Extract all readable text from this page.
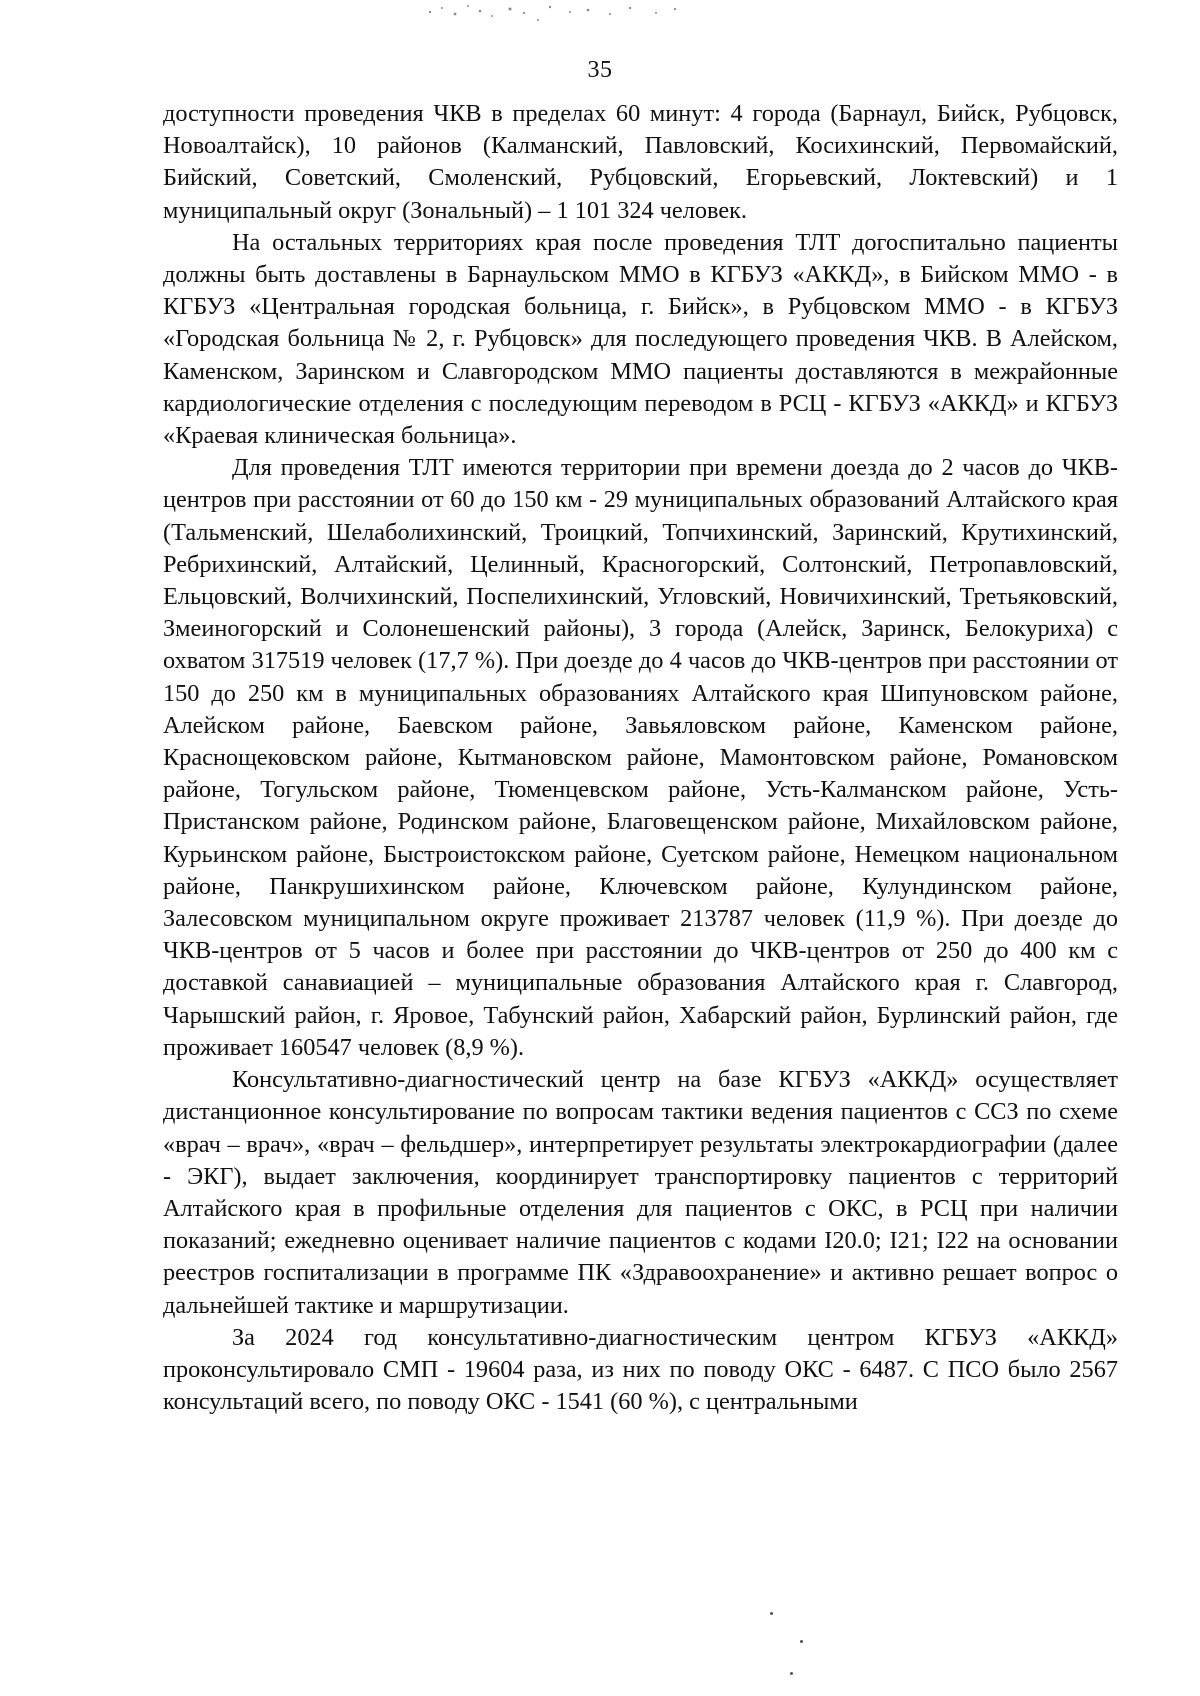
35

доступности проведения ЧКВ в пределах 60 минут: 4 города (Барнаул, Бийск, Рубцовск, Новоалтайск), 10 районов (Калманский, Павловский, Косихинский, Первомайский, Бийский, Советский, Смоленский, Рубцовский, Егорьевский, Локтевский) и 1 муниципальный округ (Зональный) – 1 101 324 человек.

На остальных территориях края после проведения ТЛТ догоспитально пациенты должны быть доставлены в Барнаульском ММО в КГБУЗ «АККД», в Бийском ММО - в КГБУЗ «Центральная городская больница, г. Бийск», в Рубцовском ММО - в КГБУЗ «Городская больница № 2, г. Рубцовск» для последующего проведения ЧКВ. В Алейском, Каменском, Заринском и Славгородском ММО пациенты доставляются в межрайонные кардиологические отделения с последующим переводом в РСЦ - КГБУЗ «АККД» и КГБУЗ «Краевая клиническая больница».

Для проведения ТЛТ имеются территории при времени доезда до 2 часов до ЧКВ-центров при расстоянии от 60 до 150 км - 29 муниципальных образований Алтайского края (Тальменский, Шелаболихинский, Троицкий, Топчихинский, Заринский, Крутихинский, Ребрихинский, Алтайский, Целинный, Красногорский, Солтонский, Петропавловский, Ельцовский, Волчихинский, Поспелихинский, Угловский, Новичихинский, Третьяковский, Змеиногорский и Солонешенский районы), 3 города (Алейск, Заринск, Белокуриха) с охватом 317519 человек (17,7 %). При доезде до 4 часов до ЧКВ-центров при расстоянии от 150 до 250 км в муниципальных образованиях Алтайского края Шипуновском районе, Алейском районе, Баевском районе, Завьяловском районе, Каменском районе, Краснощековском районе, Кытмановском районе, Мамонтовском районе, Романовском районе, Тогульском районе, Тюменцевском районе, Усть-Калманском районе, Усть-Пристанском районе, Родинском районе, Благовещенском районе, Михайловском районе, Курьинском районе, Быстроистокском районе, Суетском районе, Немецком национальном районе, Панкрушихинском районе, Ключевском районе, Кулундинском районе, Залесовском муниципальном округе проживает 213787 человек (11,9 %). При доезде до ЧКВ-центров от 5 часов и более при расстоянии до ЧКВ-центров от 250 до 400 км с доставкой санавиацией – муниципальные образования Алтайского края г. Славгород, Чарышский район, г. Яровое, Табунский район, Хабарский район, Бурлинский район, где проживает 160547 человек (8,9 %).

Консультативно-диагностический центр на базе КГБУЗ «АККД» осуществляет дистанционное консультирование по вопросам тактики ведения пациентов с ССЗ по схеме «врач – врач», «врач – фельдшер», интерпретирует результаты электрокардиографии (далее - ЭКГ), выдает заключения, координирует транспортировку пациентов с территорий Алтайского края в профильные отделения для пациентов с ОКС, в РСЦ при наличии показаний; ежедневно оценивает наличие пациентов с кодами I20.0; I21; I22 на основании реестров госпитализации в программе ПК «Здравоохранение» и активно решает вопрос о дальнейшей тактике и маршрутизации.

За 2024 год консультативно-диагностическим центром КГБУЗ «АККД» проконсультировало СМП - 19604 раза, из них по поводу ОКС - 6487. С ПСО было 2567 консультаций всего, по поводу ОКС - 1541 (60 %), с центральными
